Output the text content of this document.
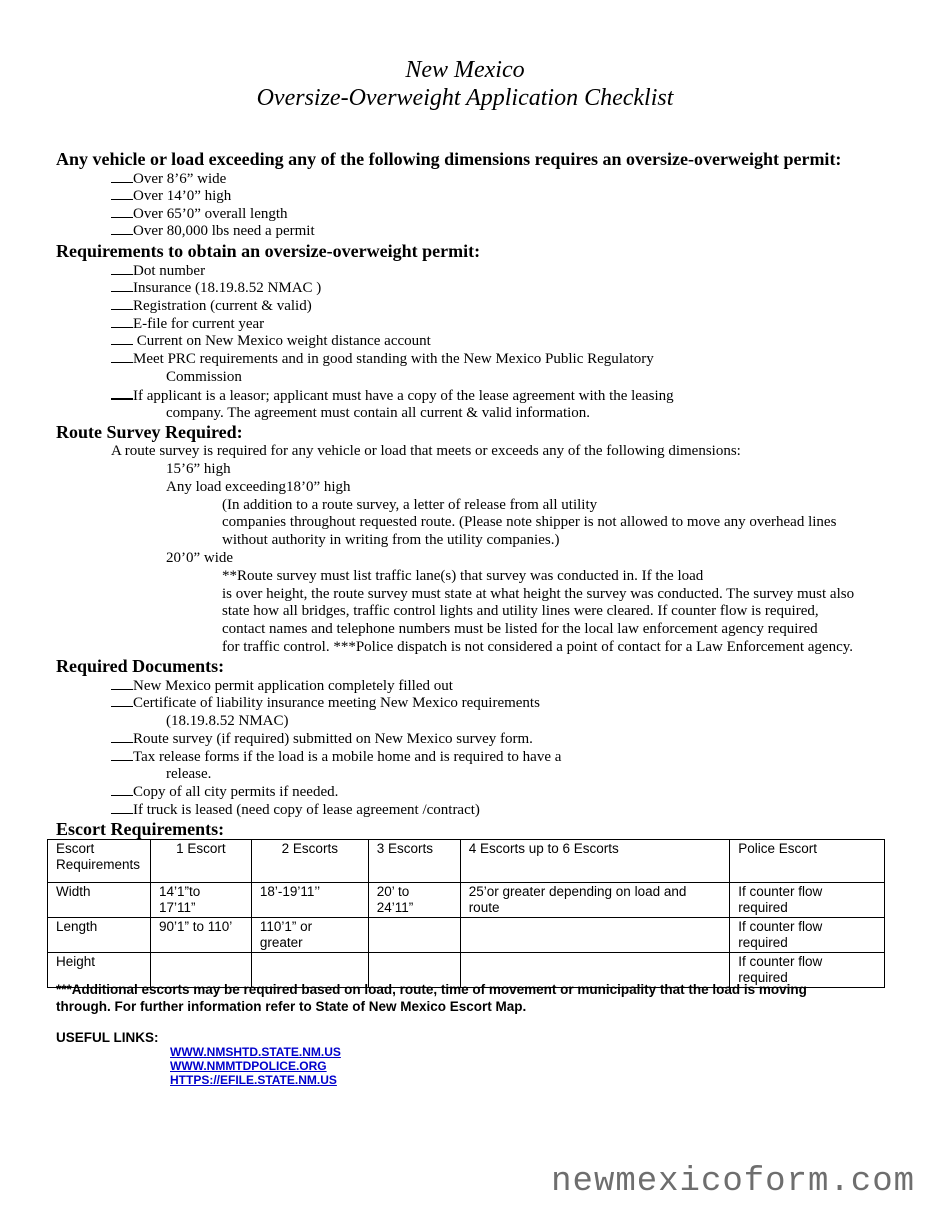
New Mexico
Oversize-Overweight Application Checklist
Any vehicle or load exceeding any of the following dimensions requires an oversize-overweight permit:
Over 8’6” wide
Over 14’0” high
Over 65’0” overall length
Over 80,000 lbs need a permit
Requirements to obtain an oversize-overweight permit:
Dot number
Insurance (18.19.8.52 NMAC )
Registration (current & valid)
E-file for current year
Current on New Mexico weight distance account
Meet PRC requirements and in good standing with the New Mexico Public Regulatory
Commission
If applicant is a leasor; applicant must have a copy of the lease agreement with the leasing
company. The agreement must contain all current & valid information.
Route Survey Required:
A route survey is required for any vehicle or load that meets or exceeds any of the following dimensions:
15’6” high
Any load exceeding18’0” high
(In addition to a route survey, a letter of release from all utility
companies throughout requested route. (Please note shipper is not allowed to move any overhead lines
without authority in writing from the utility companies.)
20’0” wide
**Route survey must list traffic lane(s) that survey was conducted in. If the load
is over height, the route survey must state at what height the survey was conducted. The survey must also
state how all bridges, traffic control lights and utility lines were cleared. If counter flow is required,
contact names and telephone numbers must be listed for the local law enforcement agency required
for traffic control. ***Police dispatch is not considered a point of contact for a Law Enforcement agency.
Required Documents:
New Mexico permit application completely filled out
Certificate of liability insurance meeting New Mexico requirements
(18.19.8.52 NMAC)
Route survey (if required) submitted on New Mexico survey form.
Tax release forms if the load is a mobile home and is required to have a
release.
Copy of all city permits if needed.
If truck is leased (need copy of lease agreement /contract)
Escort Requirements:
Escort
Requirements	1 Escort	2 Escorts	3 Escorts	4 Escorts up to 6 Escorts	Police Escort
Width	14’1”to
17’11”	18’-19’11’’	20’ to
24’11”	25’or greater depending on load and
route	If counter flow
required
Length	90’1” to 110’	110’1” or
greater			If counter flow
required
Height					If counter flow
required
***Additional escorts may be required based on load, route, time of movement or municipality that the load is moving through. For further information refer to State of New Mexico Escort Map.
USEFUL LINKS:
WWW.NMSHTD.STATE.NM.US
WWW.NMMTDPOLICE.ORG
HTTPS://EFILE.STATE.NM.US
newmexicoform.com
